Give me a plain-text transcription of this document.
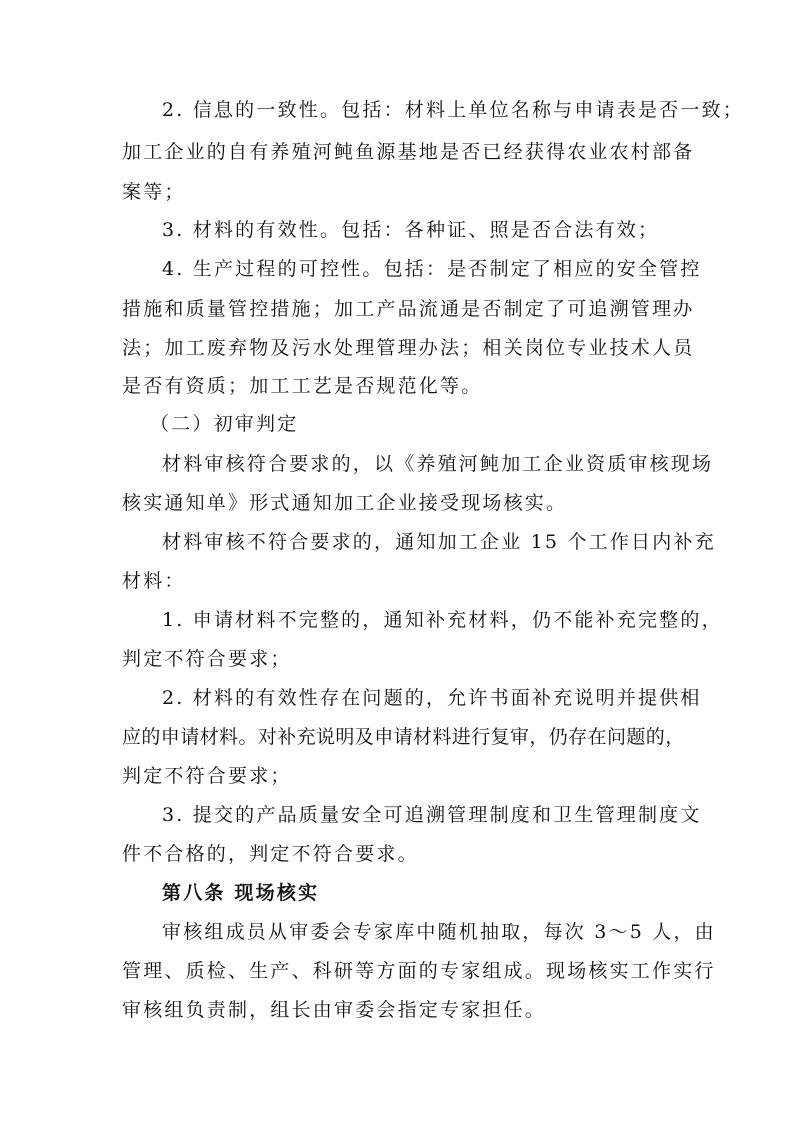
2. 信息的一致性。包括：材料上单位名称与申请表是否一致；
加工企业的自有养殖河鲀鱼源基地是否已经获得农业农村部备
案等；
3. 材料的有效性。包括：各种证、照是否合法有效；
4. 生产过程的可控性。包括：是否制定了相应的安全管控
措施和质量管控措施；加工产品流通是否制定了可追溯管理办
法；加工废弃物及污水处理管理办法；相关岗位专业技术人员
是否有资质；加工工艺是否规范化等。
（二）初审判定
材料审核符合要求的，以《养殖河鲀加工企业资质审核现场
核实通知单》形式通知加工企业接受现场核实。
材料审核不符合要求的，通知加工企业 15 个工作日内补充
材料：
1. 申请材料不完整的，通知补充材料，仍不能补充完整的，
判定不符合要求；
2. 材料的有效性存在问题的，允许书面补充说明并提供相
应的申请材料。对补充说明及申请材料进行复审，仍存在问题的，
判定不符合要求；
3. 提交的产品质量安全可追溯管理制度和卫生管理制度文
件不合格的，判定不符合要求。
第八条 现场核实
审核组成员从审委会专家库中随机抽取，每次 3～5 人，由
管理、质检、生产、科研等方面的专家组成。现场核实工作实行
审核组负责制，组长由审委会指定专家担任。
